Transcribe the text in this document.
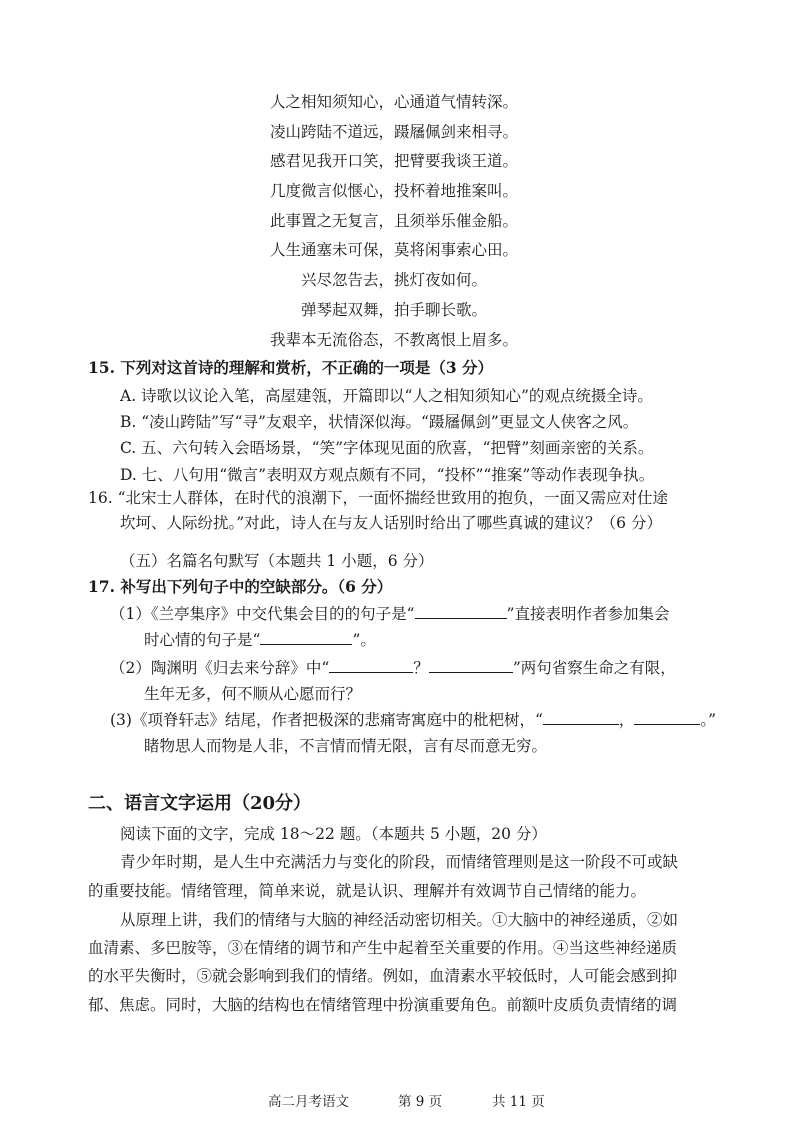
人之相知须知心，心通道气情转深。
凌山跨陆不道远，蹑屩佩剑来相寻。
感君见我开口笑，把臂要我谈王道。
几度微言似惬心，投杯着地推案叫。
此事置之无复言，且须举乐催金船。
人生通塞未可保，莫将闲事索心田。
兴尽忽告去，挑灯夜如何。
弹琴起双舞，拍手聊长歌。
我辈本无流俗态，不教离恨上眉多。
15. 下列对这首诗的理解和赏析，不正确的一项是（3 分）
A. 诗歌以议论入笔，高屋建瓴，开篇即以“人之相知须知心”的观点统摄全诗。
B. “凌山跨陆”写“寻”友艰辛，状情深似海。“蹑屩佩剑”更显文人侠客之风。
C. 五、六句转入会晤场景，“笑”字体现见面的欣喜，“把臂”刻画亲密的关系。
D. 七、八句用“微言”表明双方观点颇有不同，“投杯”“推案”等动作表现争执。
16. “北宋士人群体，在时代的浪潮下，一面怀揣经世致用的抱负，一面又需应对仕途
坎坷、人际纷扰。”对此，诗人在与友人话别时给出了哪些真诚的建议？（6 分）
（五）名篇名句默写（本题共 1 小题，6 分）
17. 补写出下列句子中的空缺部分。（6 分）
（1）《兰亭集序》中交代集会目的的句子是“	”直接表明作者参加集会
时心情的句子是“	”。
（2）陶渊明《归去来兮辞》中“	？	”两句省察生命之有限，
生年无多，何不顺从心愿而行？
(3)《项脊轩志》结尾，作者把极深的悲痛寄寓庭中的枇杷树，“	，	。”
睹物思人而物是人非，不言情而情无限，言有尽而意无穷。
二、语言文字运用（20分）
阅读下面的文字，完成 18～22 题。（本题共 5 小题，20 分）
青少年时期，是人生中充满活力与变化的阶段，而情绪管理则是这一阶段不可或缺
的重要技能。情绪管理，简单来说，就是认识、理解并有效调节自己情绪的能力。
从原理上讲，我们的情绪与大脑的神经活动密切相关。①大脑中的神经递质，②如
血清素、多巴胺等，③在情绪的调节和产生中起着至关重要的作用。④当这些神经递质
的水平失衡时，⑤就会影响到我们的情绪。例如，血清素水平较低时，人可能会感到抑
郁、焦虑。同时，大脑的结构也在情绪管理中扮演重要角色。前额叶皮质负责情绪的调
高二月考语文	第 9 页	共 11 页
